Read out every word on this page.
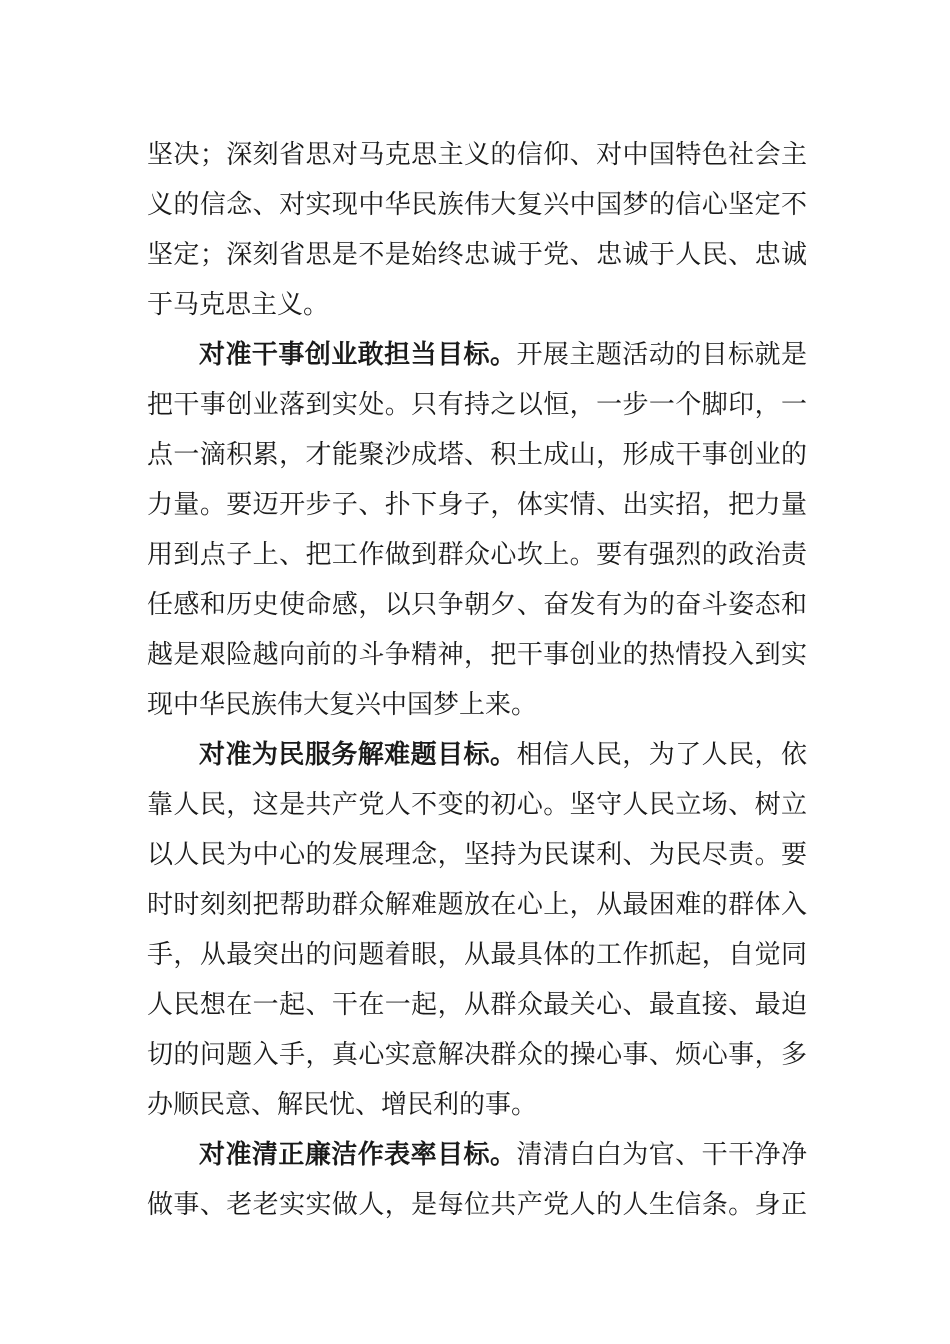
坚决；深刻省思对马克思主义的信仰、对中国特色社会主
义的信念、对实现中华民族伟大复兴中国梦的信心坚定不
坚定；深刻省思是不是始终忠诚于党、忠诚于人民、忠诚
于马克思主义。
对准干事创业敢担当目标。开展主题活动的目标就是
把干事创业落到实处。只有持之以恒，一步一个脚印，一
点一滴积累，才能聚沙成塔、积土成山，形成干事创业的
力量。要迈开步子、扑下身子，体实情、出实招，把力量
用到点子上、把工作做到群众心坎上。要有强烈的政治责
任感和历史使命感，以只争朝夕、奋发有为的奋斗姿态和
越是艰险越向前的斗争精神，把干事创业的热情投入到实
现中华民族伟大复兴中国梦上来。
对准为民服务解难题目标。相信人民，为了人民，依
靠人民，这是共产党人不变的初心。坚守人民立场、树立
以人民为中心的发展理念，坚持为民谋利、为民尽责。要
时时刻刻把帮助群众解难题放在心上，从最困难的群体入
手，从最突出的问题着眼，从最具体的工作抓起，自觉同
人民想在一起、干在一起，从群众最关心、最直接、最迫
切的问题入手，真心实意解决群众的操心事、烦心事，多
办顺民意、解民忧、增民利的事。
对准清正廉洁作表率目标。清清白白为官、干干净净
做事、老老实实做人，是每位共产党人的人生信条。身正
